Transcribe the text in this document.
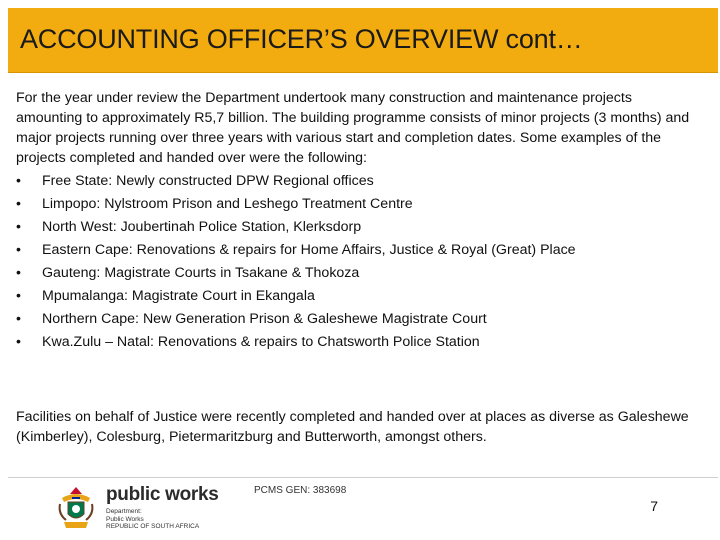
ACCOUNTING OFFICER’S OVERVIEW cont…

For the year under review the Department undertook many construction and maintenance projects amounting to approximately R5,7 billion. The building programme consists of minor projects (3 months) and major projects running over three years with various start and completion dates. Some examples of the projects completed and handed over were the following:

• Free State: Newly constructed DPW Regional offices
• Limpopo: Nylstroom Prison and Leshego Treatment Centre
• North West: Joubertinah Police Station, Klerksdorp
• Eastern Cape: Renovations & repairs for Home Affairs, Justice & Royal (Great) Place
• Gauteng: Magistrate Courts in Tsakane & Thokoza
• Mpumalanga: Magistrate Court in Ekangala
• Northern Cape: New Generation Prison & Galeshewe Magistrate Court
• Kwa.Zulu – Natal: Renovations & repairs to Chatsworth Police Station

Facilities on behalf of Justice were recently completed and handed over at places as diverse as Galeshewe (Kimberley), Colesburg, Pietermaritzburg and Butterworth, amongst others.

public works
Department:
Public Works
REPUBLIC OF SOUTH AFRICA
PCMS GEN: 383698
7
